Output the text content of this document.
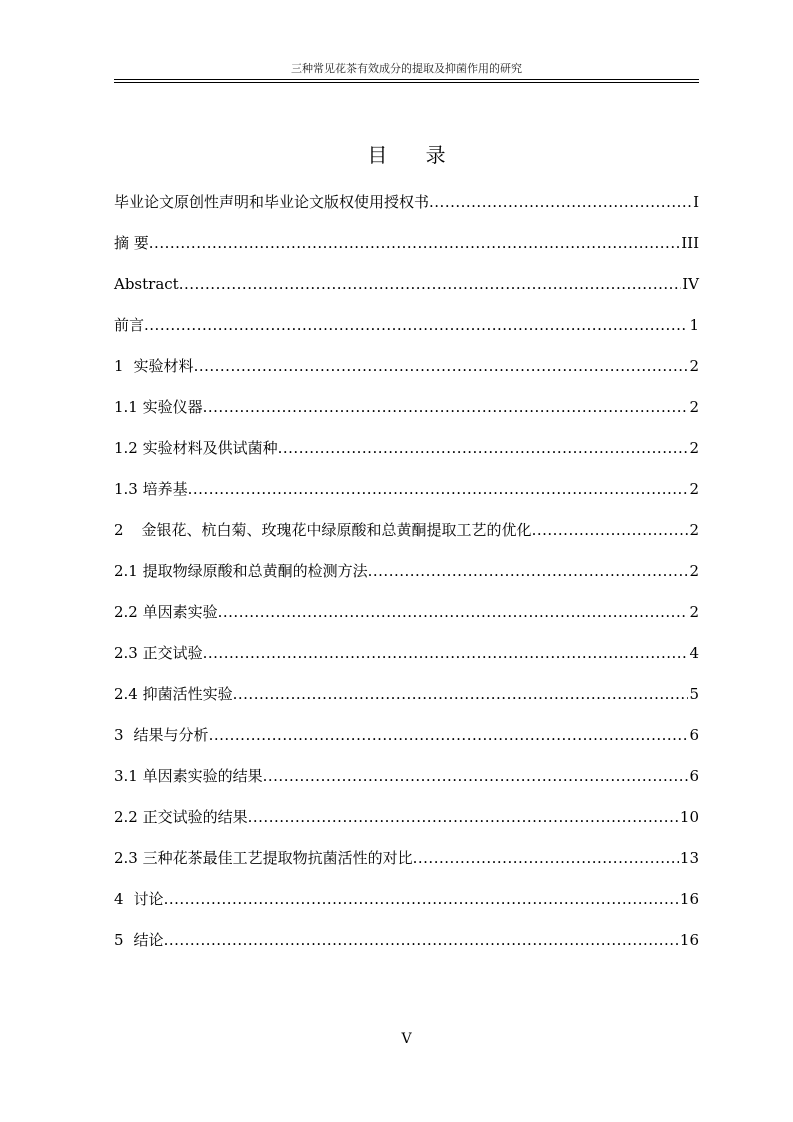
三种常见花茶有效成分的提取及抑菌作用的研究
目 录
毕业论文原创性声明和毕业论文版权使用授权书 .....	I
摘 要 .....	III
Abstract .....	IV
前言 .....	1
1 实验材料 .....	2
1.1 实验仪器 .....	2
1.2 实验材料及供试菌种 .....	2
1.3 培养基 .....	2
2 金银花、杭白菊、玫瑰花中绿原酸和总黄酮提取工艺的优化 .....	2
2.1 提取物绿原酸和总黄酮的检测方法 .....	2
2.2 单因素实验 .....	2
2.3 正交试验 .....	4
2.4 抑菌活性实验 .....	5
3 结果与分析 .....	6
3.1 单因素实验的结果 .....	6
2.2 正交试验的结果 .....	10
2.3 三种花茶最佳工艺提取物抗菌活性的对比 .....	13
4 讨论 .....	16
5 结论 .....	16
V
